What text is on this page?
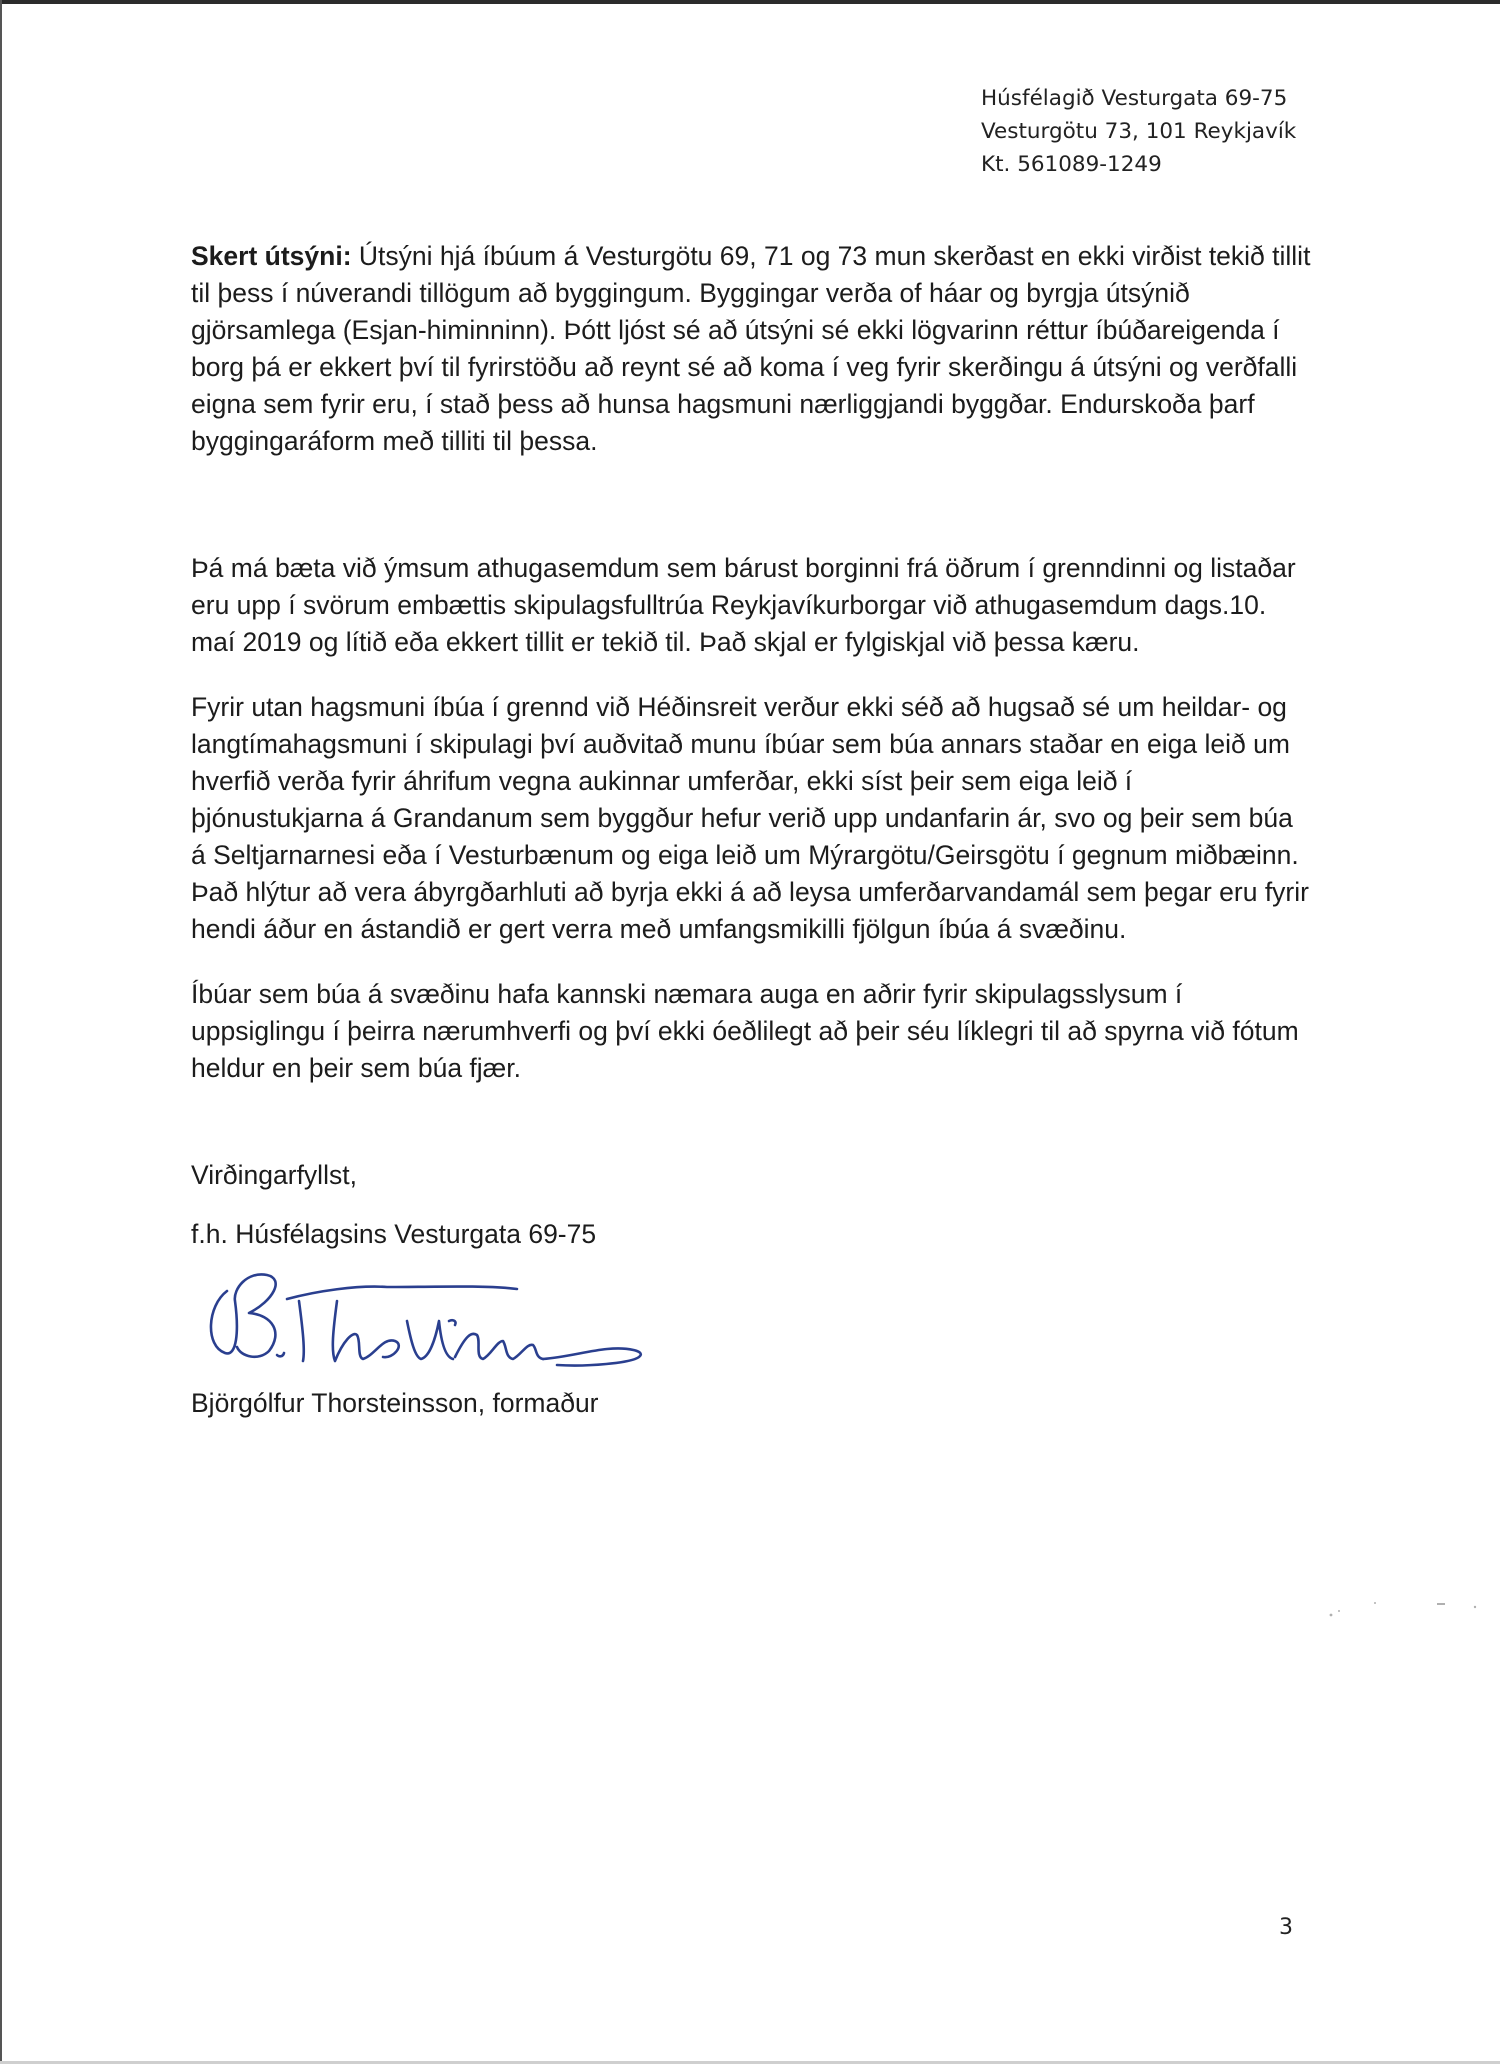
Húsfélagið Vesturgata 69-75
Vesturgötu 73, 101 Reykjavík
Kt. 561089-1249

Skert útsýni: Útsýni hjá íbúum á Vesturgötu 69, 71 og 73 mun skerðast en ekki virðist tekið tillit til þess í núverandi tillögum að byggingum. Byggingar verða of háar og byrgja útsýnið gjörsamlega (Esjan-himinninn). Þótt ljóst sé að útsýni sé ekki lögvarinn réttur íbúðareigenda í borg þá er ekkert því til fyrirstöðu að reynt sé að koma í veg fyrir skerðingu á útsýni og verðfalli eigna sem fyrir eru, í stað þess að hunsa hagsmuni nærliggjandi byggðar. Endurskoða þarf byggingaráform með tilliti til þessa.

Þá má bæta við ýmsum athugasemdum sem bárust borginni frá öðrum í grenndinni og listaðar eru upp í svörum embættis skipulagsfulltrúa Reykjavíkurborgar við athugasemdum dags.10. maí 2019 og lítið eða ekkert tillit er tekið til. Það skjal er fylgiskjal við þessa kæru.

Fyrir utan hagsmuni íbúa í grennd við Héðinsreit verður ekki séð að hugsað sé um heildar- og langtímahagsmuni í skipulagi því auðvitað munu íbúar sem búa annars staðar en eiga leið um hverfið verða fyrir áhrifum vegna aukinnar umferðar, ekki síst þeir sem eiga leið í þjónustukjarna á Grandanum sem byggður hefur verið upp undanfarin ár, svo og þeir sem búa á Seltjarnarnesi eða í Vesturbænum og eiga leið um Mýrargötu/Geirsgötu í gegnum miðbæinn. Það hlýtur að vera ábyrgðarhluti að byrja ekki á að leysa umferðarvandamál sem þegar eru fyrir hendi áður en ástandið er gert verra með umfangsmikilli fjölgun íbúa á svæðinu.

Íbúar sem búa á svæðinu hafa kannski næmara auga en aðrir fyrir skipulagsslysum í uppsiglingu í þeirra nærumhverfi og því ekki óeðlilegt að þeir séu líklegri til að spyrna við fótum heldur en þeir sem búa fjær.

Virðingarfyllst,

f.h. Húsfélagsins Vesturgata 69-75

Björgólfur Thorsteinsson, formaður

3
